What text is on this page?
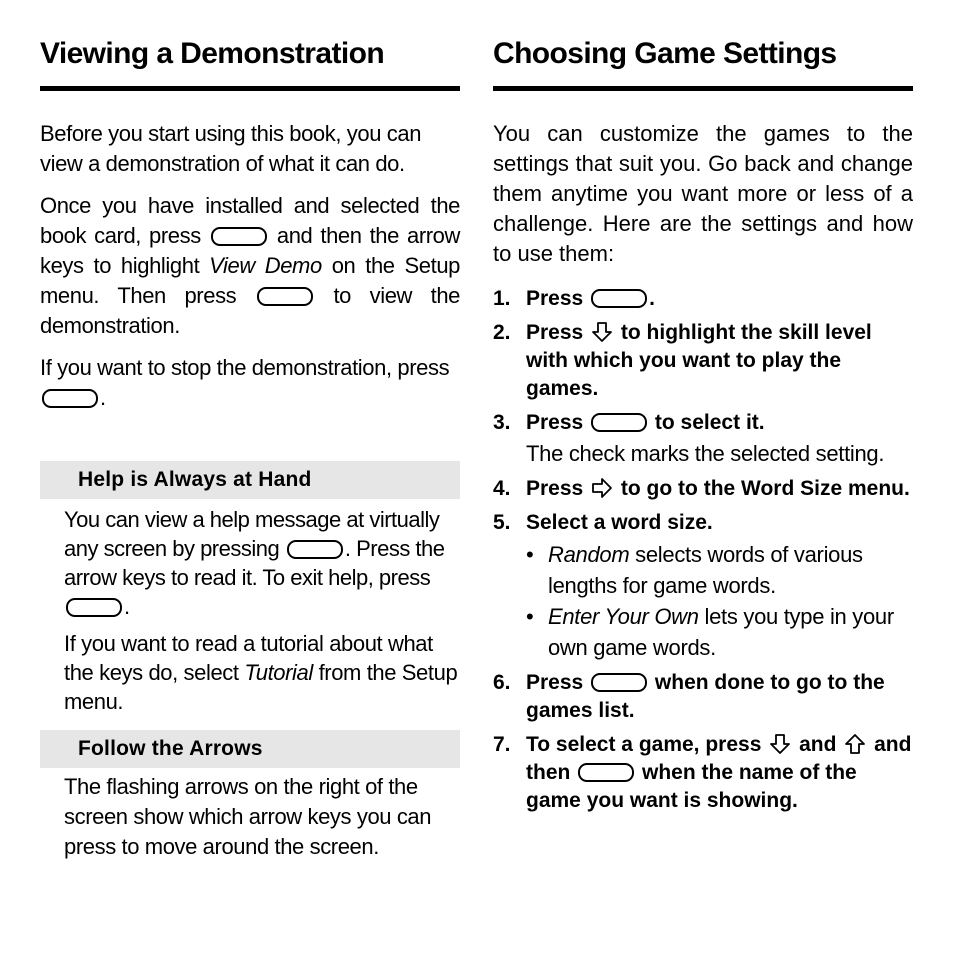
Viewing a Demonstration

Before you start using this book, you can view a demonstration of what it can do.

Once you have installed and selected the book card, press	and then the arrow keys to highlight View Demo on the Setup menu. Then press	to view the demonstration.

If you want to stop the demonstration, press .

Help is Always at Hand

You can view a help message at virtually any screen by pressing	. Press the arrow keys to read it. To exit help, press .

If you want to read a tutorial about what the keys do, select Tutorial from the Setup menu.

Follow the Arrows

The flashing arrows on the right of the screen show which arrow keys you can press to move around the screen.

Choosing Game Settings

You can customize the games to the settings that suit you. Go back and change them anytime you want more or less of a challenge. Here are the settings and how to use them:

1. Press	.
2. Press to highlight the skill level with which you want to play the games.
3. Press	to select it.
The check marks the selected setting.
4. Press to go to the Word Size menu.
5. Select a word size.
• Random selects words of various lengths for game words.
• Enter Your Own lets you type in your own game words.
6. Press	when done to go to the games list.
7. To select a game, press and and then	when the name of the game you want is showing.
